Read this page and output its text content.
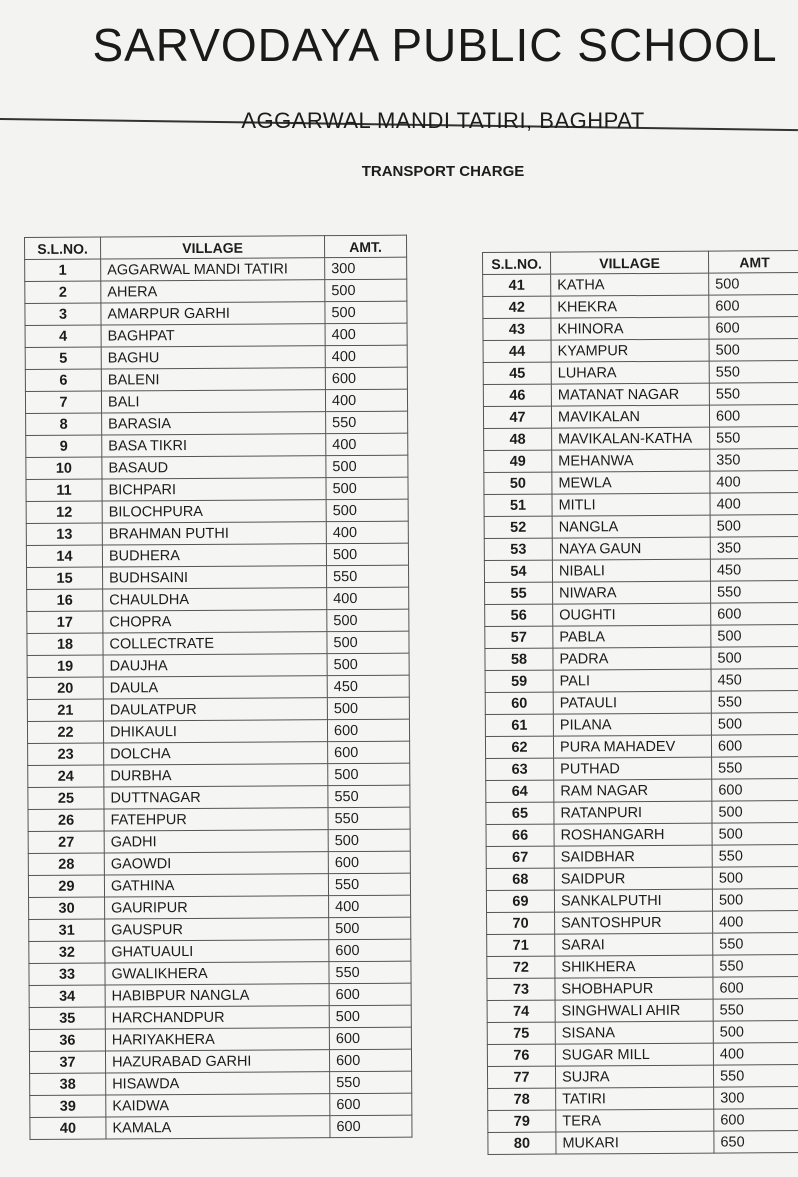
SARVODAYA PUBLIC SCHOOL
AGGARWAL MANDI TATIRI, BAGHPAT
TRANSPORT CHARGE
S.L.NO.	VILLAGE	AMT.
1	AGGARWAL MANDI TATIRI	300
2	AHERA	500
3	AMARPUR GARHI	500
4	BAGHPAT	400
5	BAGHU	400
6	BALENI	600
7	BALI	400
8	BARASIA	550
9	BASA TIKRI	400
10	BASAUD	500
11	BICHPARI	500
12	BILOCHPURA	500
13	BRAHMAN PUTHI	400
14	BUDHERA	500
15	BUDHSAINI	550
16	CHAULDHA	400
17	CHOPRA	500
18	COLLECTRATE	500
19	DAUJHA	500
20	DAULA	450
21	DAULATPUR	500
22	DHIKAULI	600
23	DOLCHA	600
24	DURBHA	500
25	DUTTNAGAR	550
26	FATEHPUR	550
27	GADHI	500
28	GAOWDI	600
29	GATHINA	550
30	GAURIPUR	400
31	GAUSPUR	500
32	GHATUAULI	600
33	GWALIKHERA	550
34	HABIBPUR NANGLA	600
35	HARCHANDPUR	500
36	HARIYAKHERA	600
37	HAZURABAD GARHI	600
38	HISAWDA	550
39	KAIDWA	600
40	KAMALA	600
S.L.NO.	VILLAGE	AMT
41	KATHA	500
42	KHEKRA	600
43	KHINORA	600
44	KYAMPUR	500
45	LUHARA	550
46	MATANAT NAGAR	550
47	MAVIKALAN	600
48	MAVIKALAN-KATHA	550
49	MEHANWA	350
50	MEWLA	400
51	MITLI	400
52	NANGLA	500
53	NAYA GAUN	350
54	NIBALI	450
55	NIWARA	550
56	OUGHTI	600
57	PABLA	500
58	PADRA	500
59	PALI	450
60	PATAULI	550
61	PILANA	500
62	PURA MAHADEV	600
63	PUTHAD	550
64	RAM NAGAR	600
65	RATANPURI	500
66	ROSHANGARH	500
67	SAIDBHAR	550
68	SAIDPUR	500
69	SANKALPUTHI	500
70	SANTOSHPUR	400
71	SARAI	550
72	SHIKHERA	550
73	SHOBHAPUR	600
74	SINGHWALI AHIR	550
75	SISANA	500
76	SUGAR MILL	400
77	SUJRA	550
78	TATIRI	300
79	TERA	600
80	MUKARI	650
